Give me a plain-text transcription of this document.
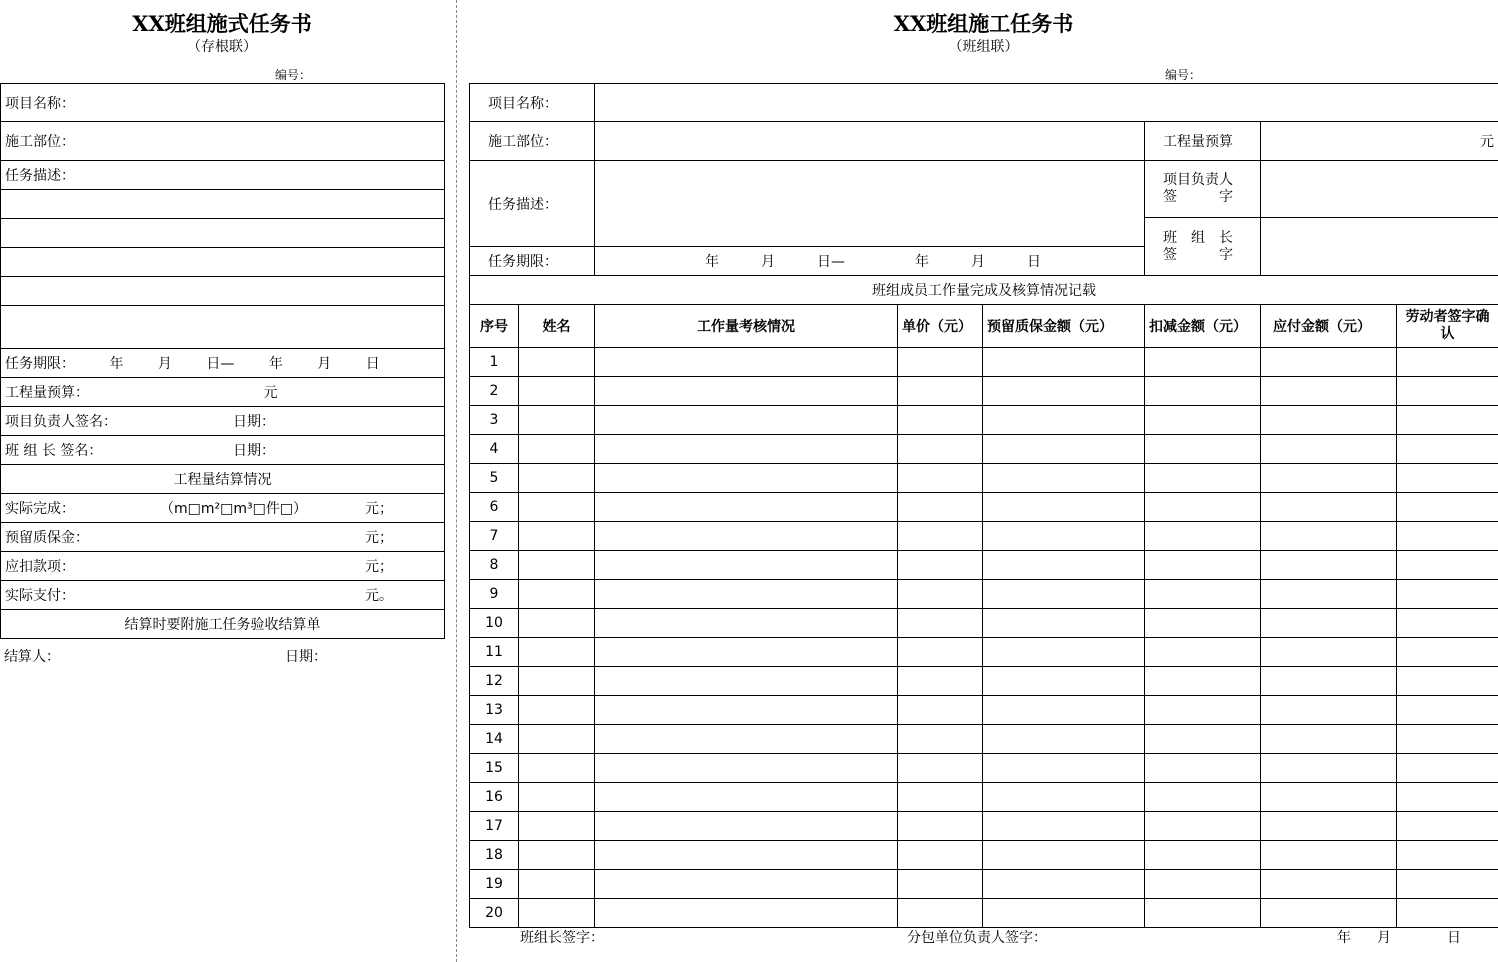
XX班组施式任务书
（存根联）
编号：
项目名称：
施工部位：
任务描述：

任务期限： 年 月 日— 年 月 日
工程量预算：	元
项目负责人签名：	日期：
班 组 长 签名：	日期：
工程量结算情况
实际完成：	（m□m²□m³□件□）	元；
预留质保金：	元；
应扣款项：	元；
实际支付：	元。
结算时要附施工任务验收结算单
结算人：	日期：
XX班组施工任务书
（班组联）
编号：
项目名称：							
施工部位：					工程量预算	元	
任务描述：					项目负责人
签　　　字		

					班　组　长
签　　　字		

任务期限：		年　　　月　　　日—　　　　　年　　　月　　　日					
班组成员工作量完成及核算情况记载							
序号	姓名	工作量考核情况	单价（元）	预留质保金额（元）	扣减金额（元）	应付金额（元）	劳动者签字确认
1							
2							
3							
4							
5							
6							
7							
8							
9							
10							
11							
12							
13							
14							
15							
16							
17							
18							
19							
20							
班组长签字：	分包单位负责人签字：	年 月	日
